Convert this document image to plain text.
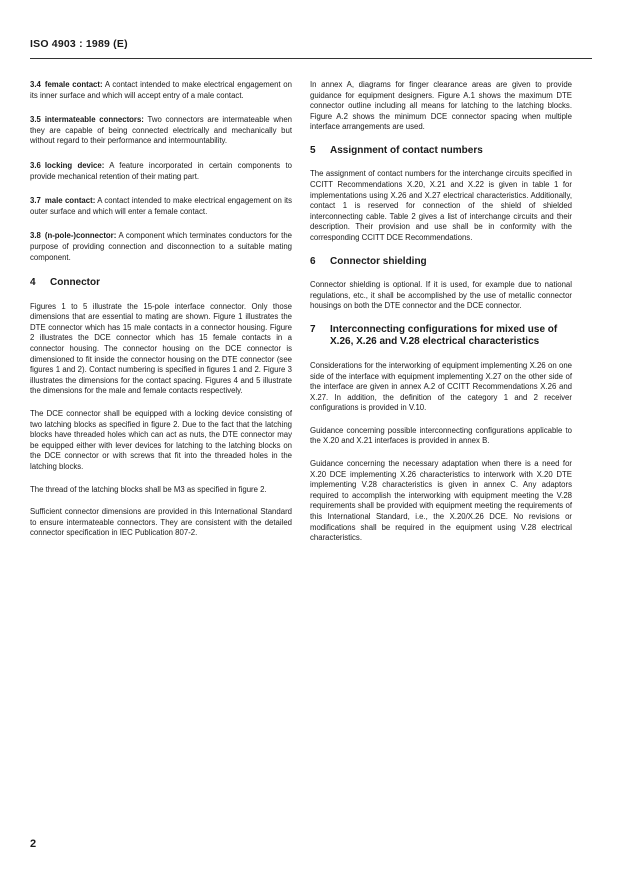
ISO 4903 : 1989 (E)

3.4 female contact: A contact intended to make electrical engagement on its inner surface and which will accept entry of a male contact.

3.5 intermateable connectors: Two connectors are intermateable when they are capable of being connected electrically and mechanically but without regard to their performance and intermountability.

3.6 locking device: A feature incorporated in certain components to provide mechanical retention of their mating part.

3.7 male contact: A contact intended to make electrical engagement on its outer surface and which will enter a female contact.

3.8 (n-pole-)connector: A component which terminates conductors for the purpose of providing connection and disconnection to a suitable mating component.

4	Connector

Figures 1 to 5 illustrate the 15-pole interface connector. Only those dimensions that are essential to mating are shown. Figure 1 illustrates the DTE connector which has 15 male contacts in a connector housing. Figure 2 illustrates the DCE connector which has 15 female contacts in a connector housing. The connector housing on the DCE connector is dimensioned to fit inside the connector housing on the DTE connector (see figures 1 and 2). Contact numbering is specified in figures 1 and 2. Figure 3 illustrates the dimensions for the contact spacing. Figures 4 and 5 illustrate the dimensions for the male and female contacts respectively.

The DCE connector shall be equipped with a locking device consisting of two latching blocks as specified in figure 2. Due to the fact that the latching blocks have threaded holes which can act as nuts, the DTE connector may be equipped either with lever devices for latching to the latching blocks on the DCE connector or with screws that fit into the threaded holes in the latching blocks.

The thread of the latching blocks shall be M3 as specified in figure 2.

Sufficient connector dimensions are provided in this International Standard to ensure intermateable connectors. They are consistent with the detailed connector specification in IEC Publication 807-2.

In annex A, diagrams for finger clearance areas are given to provide guidance for equipment designers. Figure A.1 shows the maximum DTE connector outline including all means for latching to the latching blocks. Figure A.2 shows the minimum DCE connector spacing when multiple interface arrangements are used.

5	Assignment of contact numbers

The assignment of contact numbers for the interchange circuits specified in CCITT Recommendations X.20, X.21 and X.22 is given in table 1 for implementations using X.26 and X.27 electrical characteristics. Additionally, contact 1 is reserved for connection of the shield of shielded interconnecting cable. Table 2 gives a list of interchange circuits and their description. Their provision and use shall be in conformity with the corresponding CCITT DCE Recommendations.

6	Connector shielding

Connector shielding is optional. If it is used, for example due to national regulations, etc., it shall be accomplished by the use of metallic connector housings on both the DTE connector and the DCE connector.

7	Interconnecting configurations for mixed use of X.26, X.26 and V.28 electrical characteristics

Considerations for the interworking of equipment implementing X.26 on one side of the interface with equipment implementing X.27 on the other side of the interface are given in annex A.2 of CCITT Recommendations X.26 and X.27. In addition, the definition of the category 1 and 2 receiver configurations is provided in V.10.

Guidance concerning possible interconnecting configurations applicable to the X.20 and X.21 interfaces is provided in annex B.

Guidance concerning the necessary adaptation when there is a need for X.20 DCE implementing X.26 characteristics to interwork with X.20 DTE implementing V.28 characteristics is given in annex C. Any adaptors required to accomplish the interworking with equipment meeting the V.28 requirements shall be provided with equipment meeting the requirements of this International Standard, i.e., the X.20/X.26 DCE. No revisions or modifications shall be required in the equipment using V.28 electrical characteristics.

2
